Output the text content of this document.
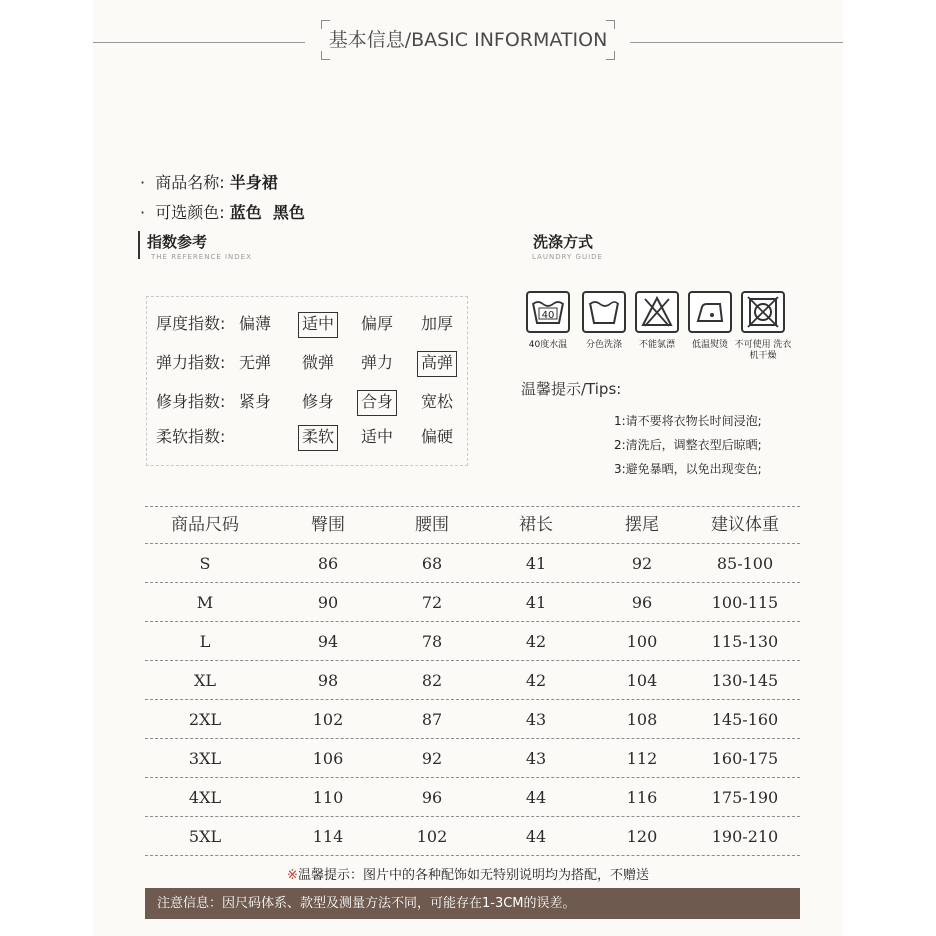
基本信息/BASIC INFORMATION
·  商品名称: 半身裙
·  可选颜色: 蓝色  黑色
指数参考
THE REFERENCE INDEX
厚度指数: 偏薄 适中 偏厚 加厚
弹力指数: 无弹 微弹 弹力 高弹
修身指数: 紧身 修身 合身 宽松
柔软指数:	柔软 适中 偏硬
洗涤方式
LAUNDRY GUIDE
40
40度水温	分色洗涤	不能氯漂	低温熨烫 不可使用 洗衣机干燥
温馨提示/Tips:
1:请不要将衣物长时间浸泡;
2:清洗后，调整衣型后晾晒;
3:避免暴晒，以免出现变色;
商品尺码	臀围	腰围	裙长	摆尾	建议体重
S	86	68	41	92	85-100
M	90	72	41	96	100-115
L	94	78	42	100	115-130
XL	98	82	42	104	130-145
2XL	102	87	43	108	145-160
3XL	106	92	43	112	160-175
4XL	110	96	44	116	175-190
5XL	114	102	44	120	190-210
※温馨提示：图片中的各种配饰如无特别说明均为搭配，不赠送
注意信息：因尺码体系、款型及测量方法不同，可能存在1-3CM的误差。
